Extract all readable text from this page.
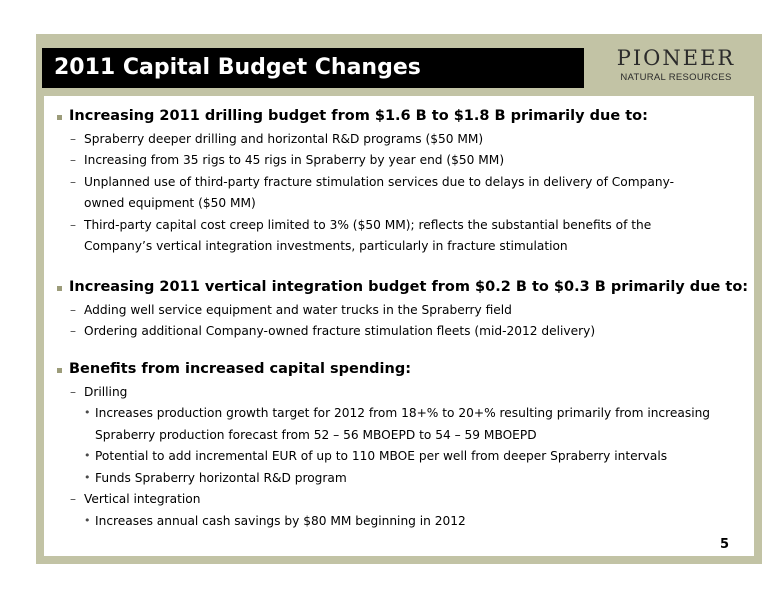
2011 Capital Budget Changes	PIONEER
NATURAL RESOURCES
Increasing 2011 drilling budget from $1.6 B to $1.8 B primarily due to:
– Spraberry deeper drilling and horizontal R&D programs ($50 MM)
– Increasing from 35 rigs to 45 rigs in Spraberry by year end ($50 MM)
– Unplanned use of third-party fracture stimulation services due to delays in delivery of Company-
owned equipment ($50 MM)
– Third-party capital cost creep limited to 3% ($50 MM); reflects the substantial benefits of the
Company’s vertical integration investments, particularly in fracture stimulation
Increasing 2011 vertical integration budget from $0.2 B to $0.3 B primarily due to:
– Adding well service equipment and water trucks in the Spraberry field
– Ordering additional Company-owned fracture stimulation fleets (mid-2012 delivery)
Benefits from increased capital spending:
– Drilling
• Increases production growth target for 2012 from 18+% to 20+% resulting primarily from increasing
Spraberry production forecast from 52 – 56 MBOEPD to 54 – 59 MBOEPD
• Potential to add incremental EUR of up to 110 MBOE per well from deeper Spraberry intervals
• Funds Spraberry horizontal R&D program
– Vertical integration
• Increases annual cash savings by $80 MM beginning in 2012
5
